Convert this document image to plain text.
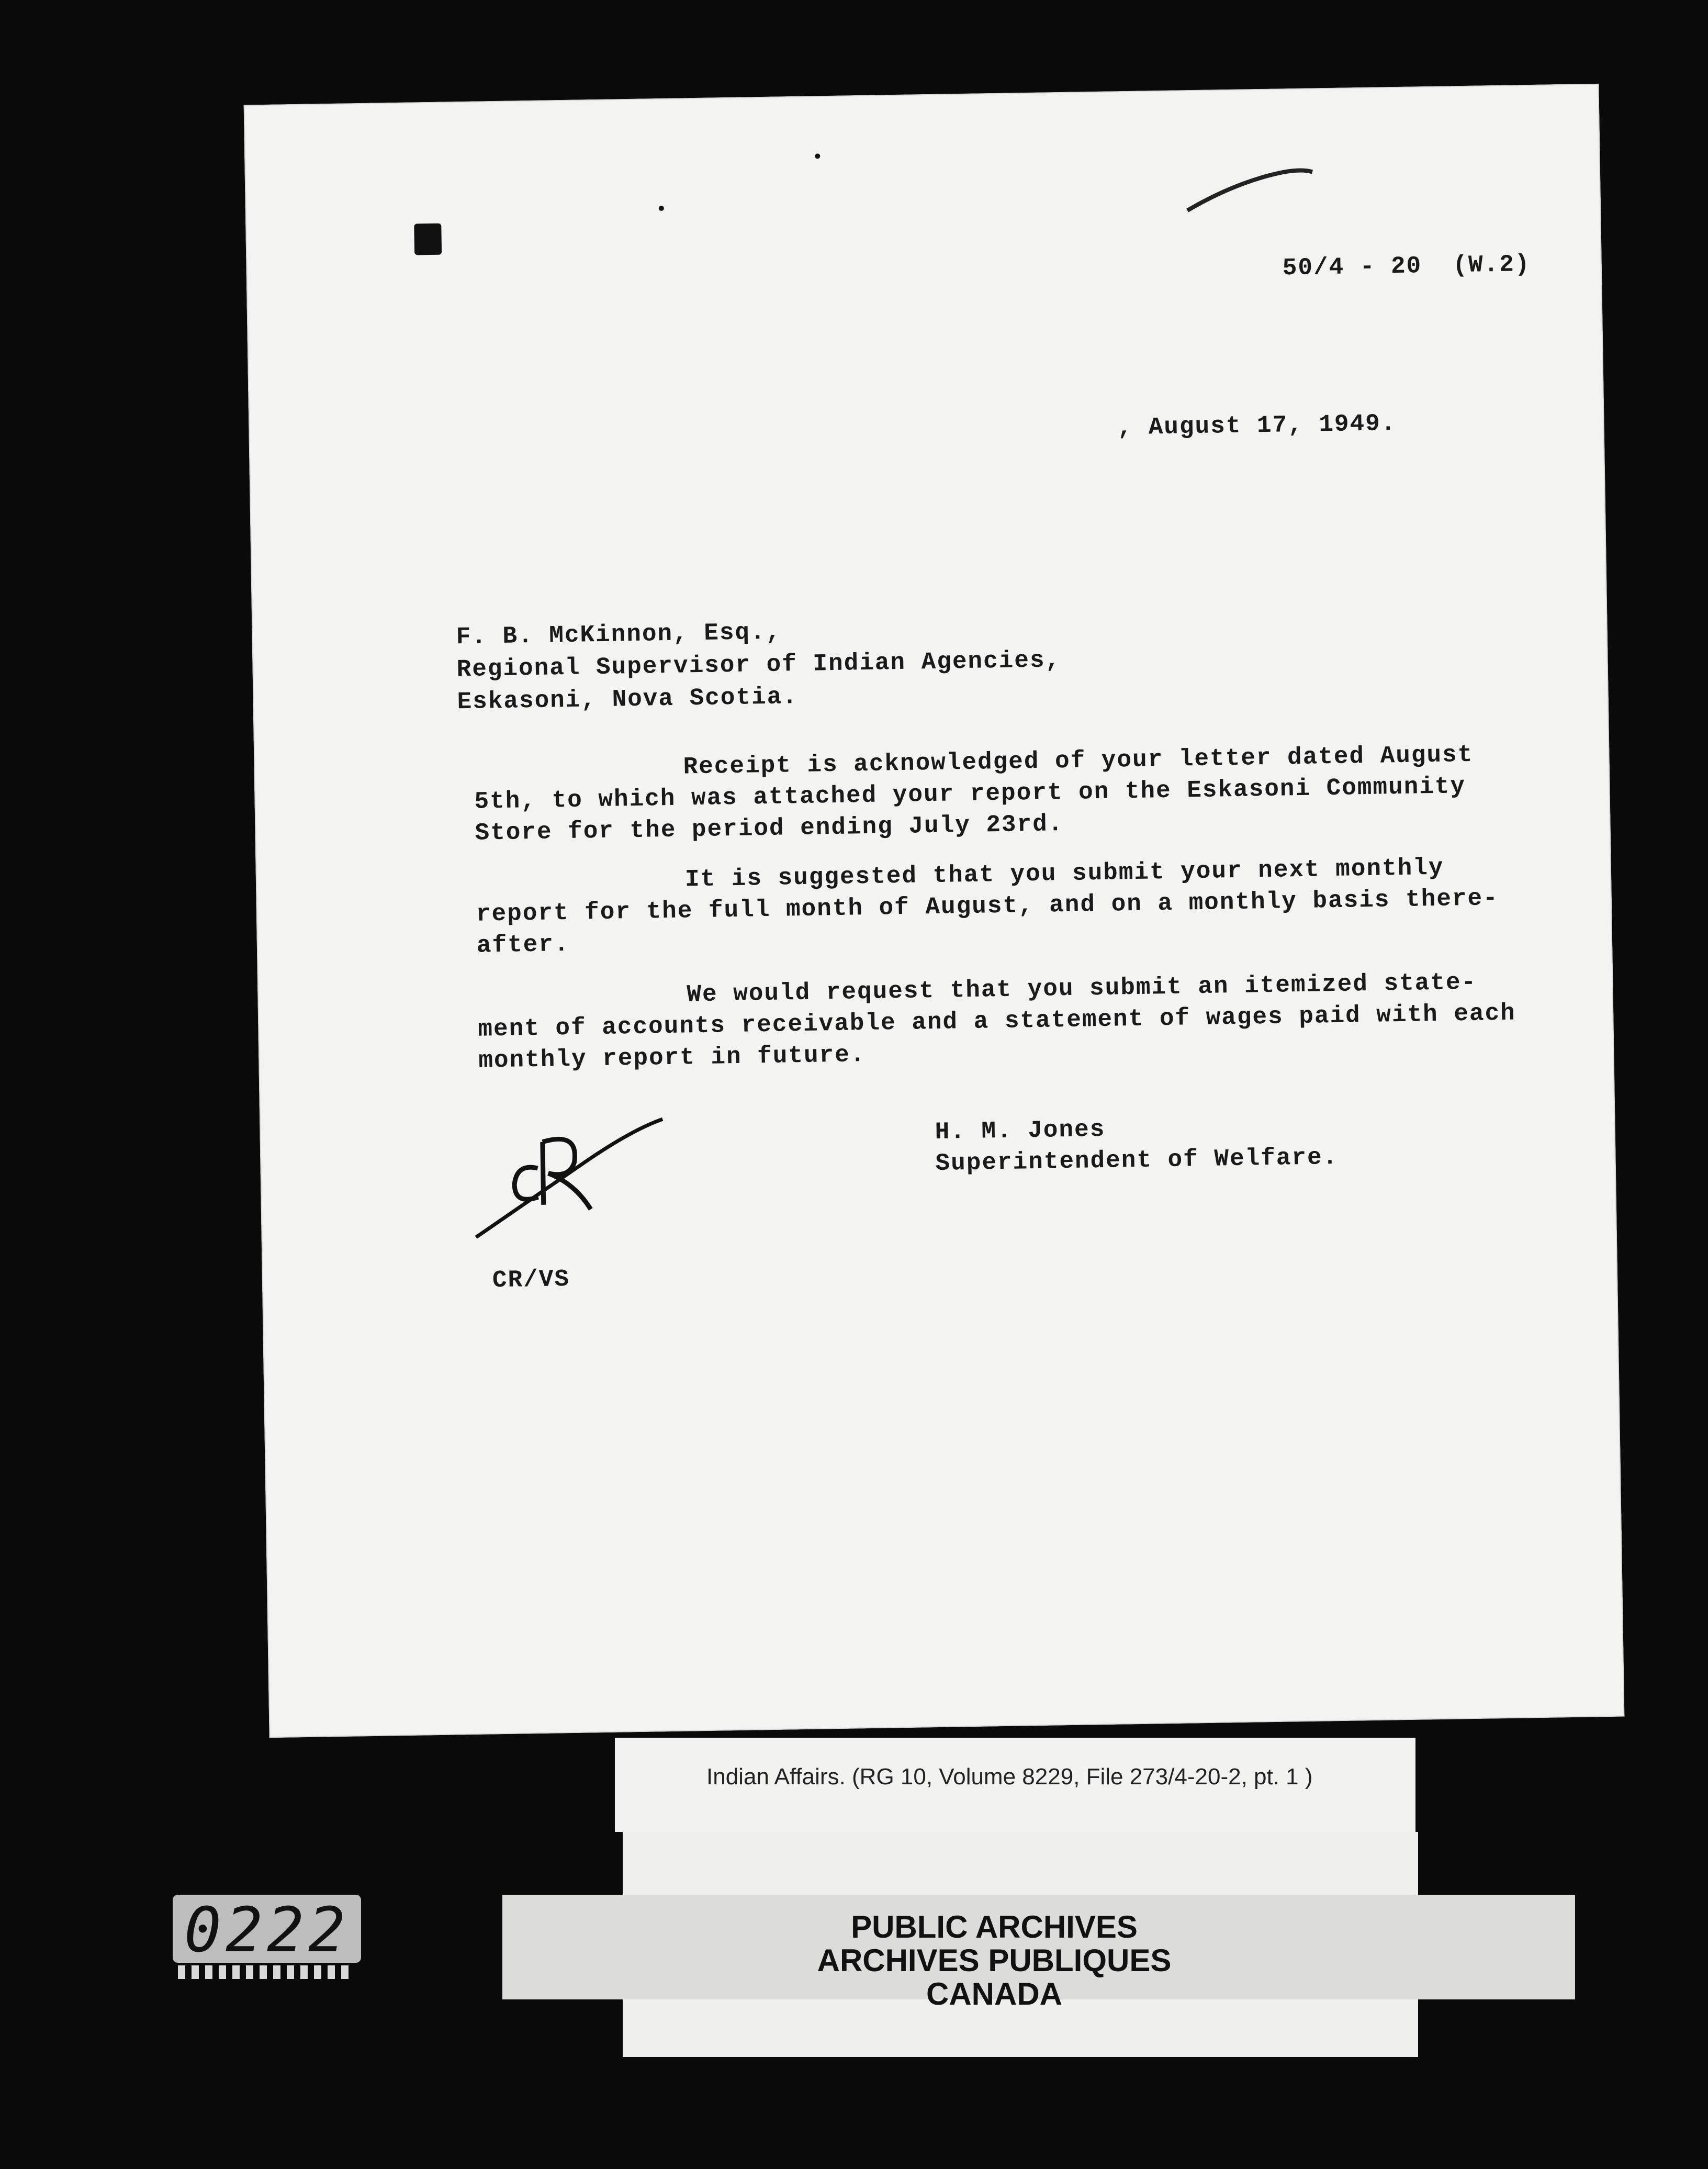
50/4 - 20  (W.2)
, August 17, 1949.
F. B. McKinnon, Esq.,
Regional Supervisor of Indian Agencies,
Eskasoni, Nova Scotia.
Receipt is acknowledged of your letter dated August
5th, to which was attached your report on the Eskasoni Community
Store for the period ending July 23rd.
It is suggested that you submit your next monthly
report for the full month of August, and on a monthly basis there-
after.
We would request that you submit an itemized state-
ment of accounts receivable and a statement of wages paid with each
monthly report in future.
H. M. Jones
Superintendent of Welfare.
CR/VS
Indian Affairs. (RG 10, Volume 8229, File 273/4-20-2, pt. 1 )
PUBLIC ARCHIVES
ARCHIVES PUBLIQUES
CANADA
0222
